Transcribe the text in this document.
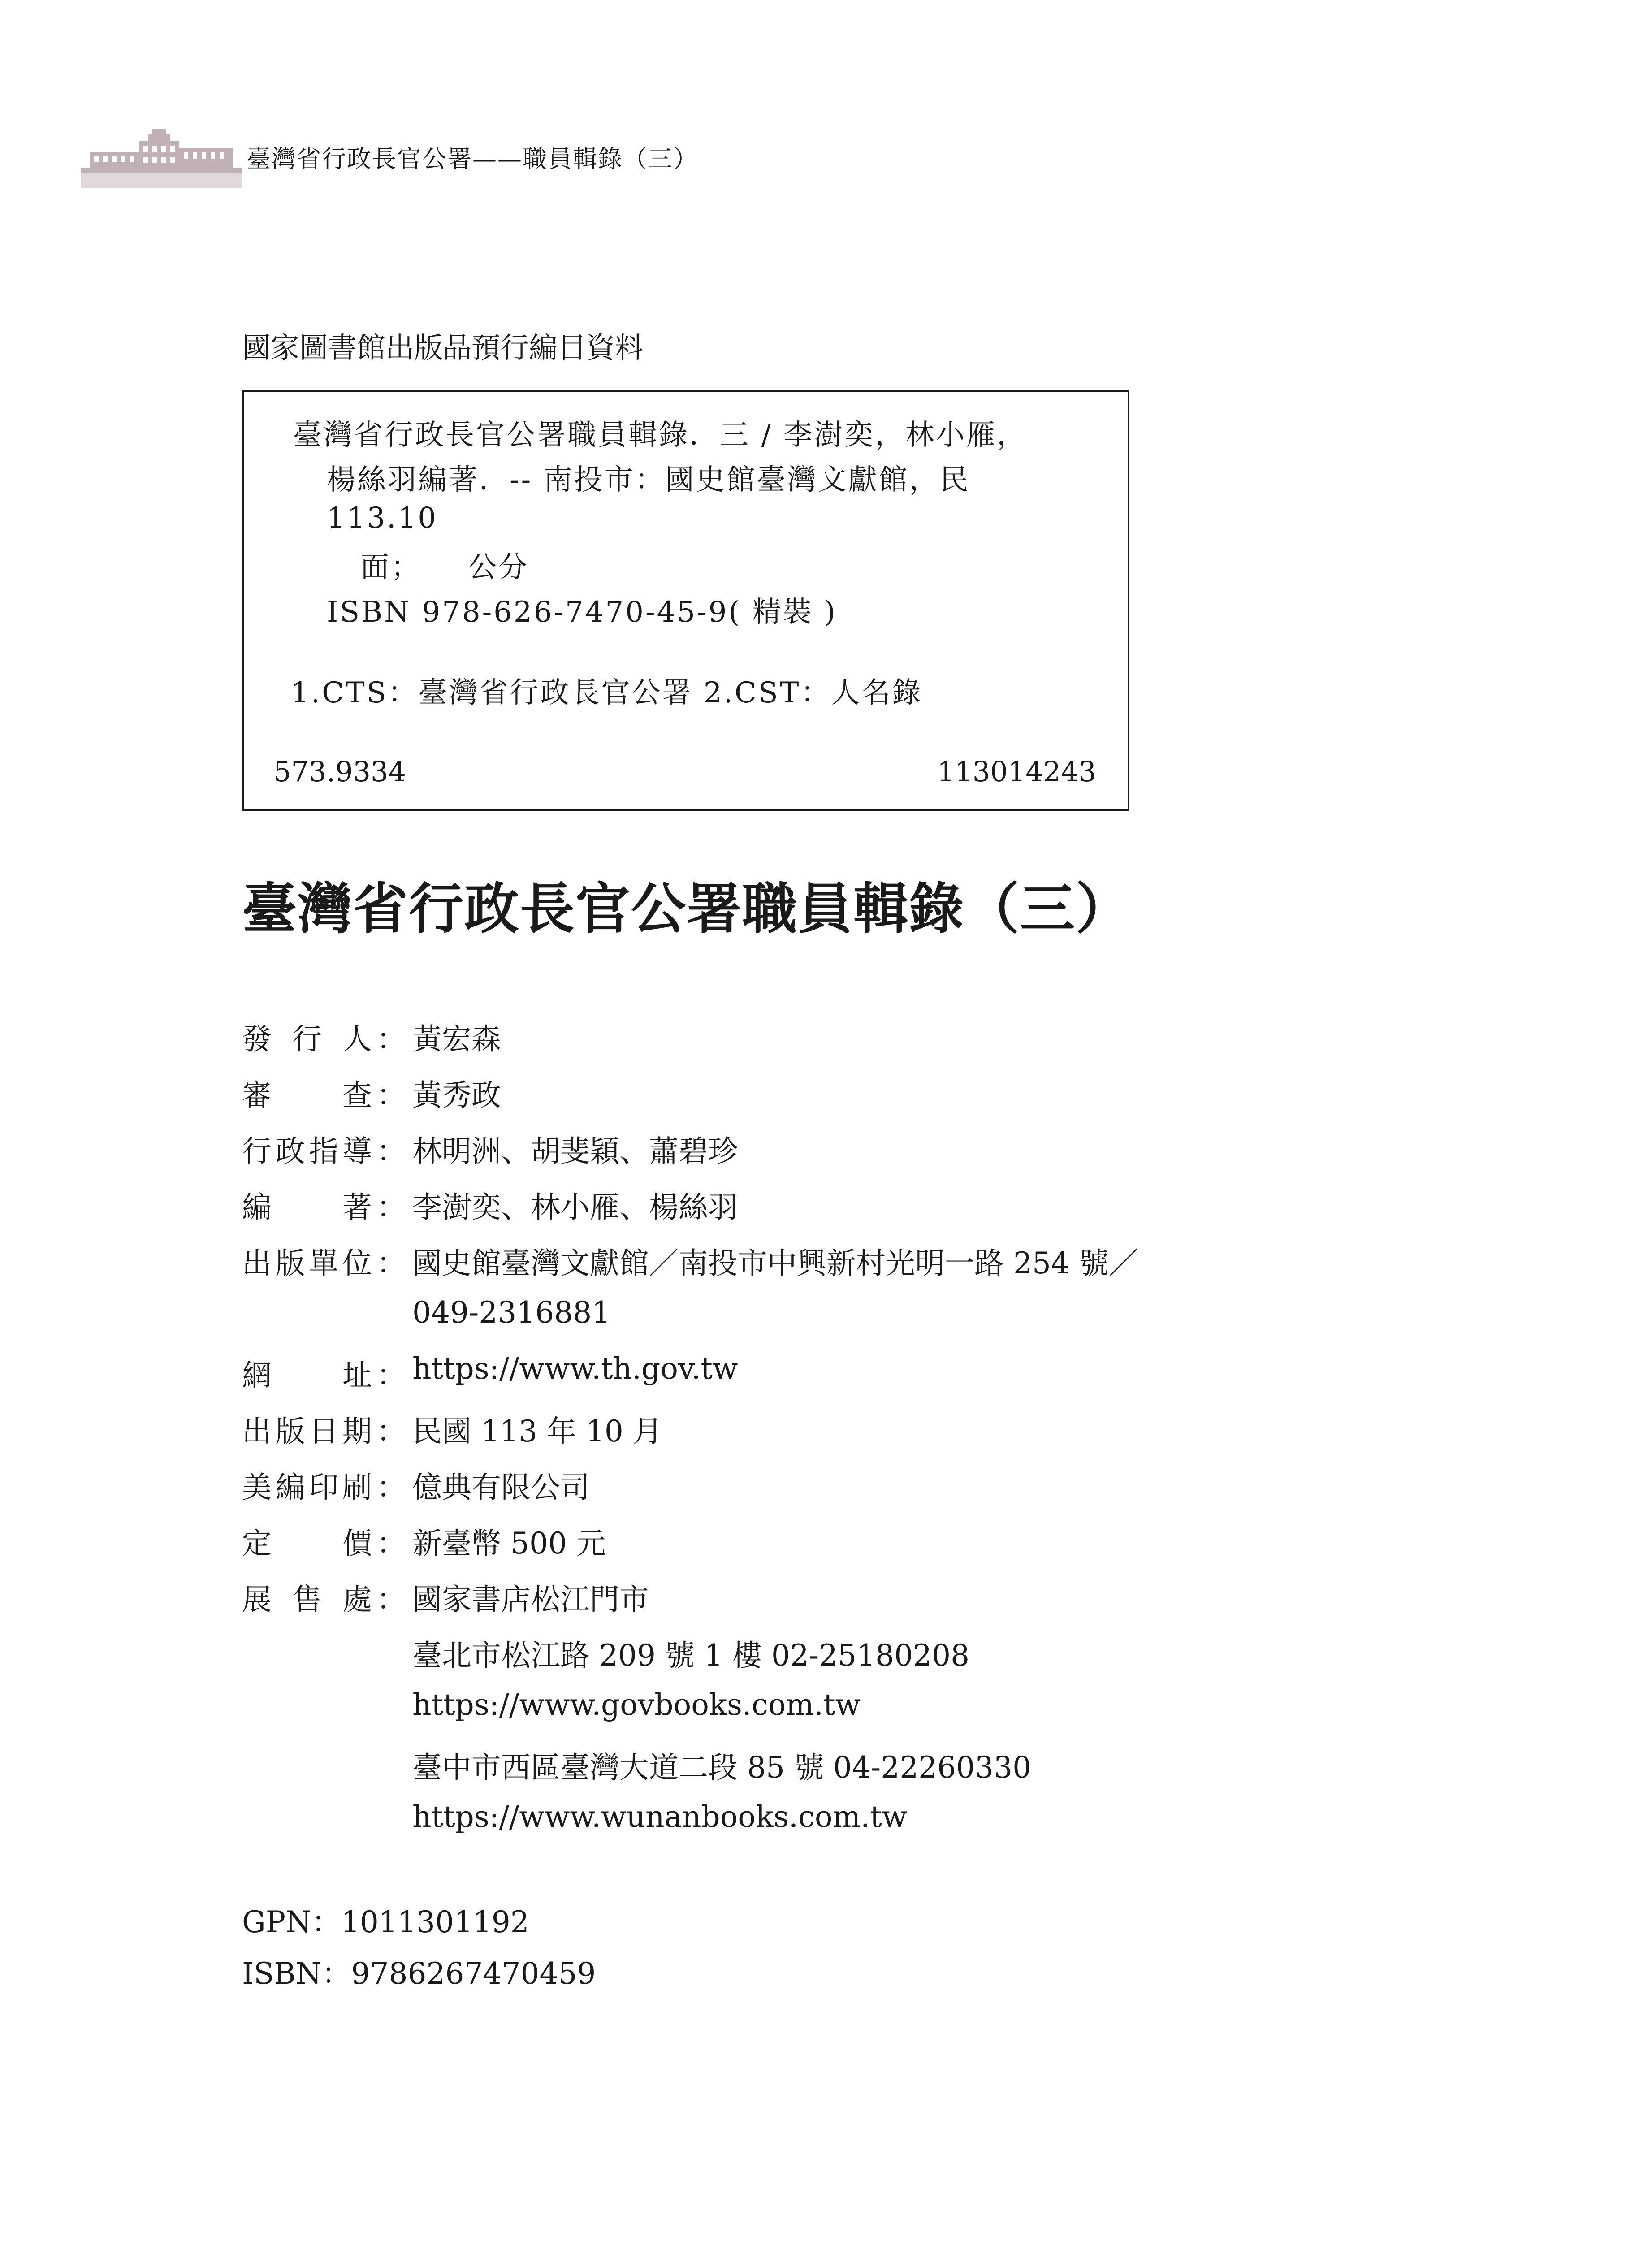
臺灣省行政長官公署——職員輯錄（三）
國家圖書館出版品預行編目資料
臺灣省行政長官公署職員輯錄．三 / 李澍奕，林小雁，
楊絲羽編著．-- 南投市：國史館臺灣文獻館，民
113.10
面；　　公分
ISBN 978-626-7470-45-9( 精裝 )
1.CTS：臺灣省行政長官公署 2.CST：人名錄
573.9334	113014243
臺灣省行政長官公署職員輯錄（三）
發 行 人 ： 黃宏森
審 查 ： 黃秀政
行 政 指 導 ： 林明洲、胡斐穎、蕭碧珍
編 著 ： 李澍奕、林小雁、楊絲羽
出 版 單 位 ： 國史館臺灣文獻館／南投市中興新村光明一路 254 號／
網 址 ： https://www.th.gov.tw
出 版 日 期 ： 民國 113 年 10 月
美 編 印 刷 ： 億典有限公司
定 價 ： 新臺幣 500 元
展 售 處 ： 國家書店松江門市
049-2316881
臺北市松江路 209 號 1 樓 02-25180208
https://www.govbooks.com.tw
臺中市西區臺灣大道二段 85 號 04-22260330
https://www.wunanbooks.com.tw
GPN：1011301192
ISBN：9786267470459
